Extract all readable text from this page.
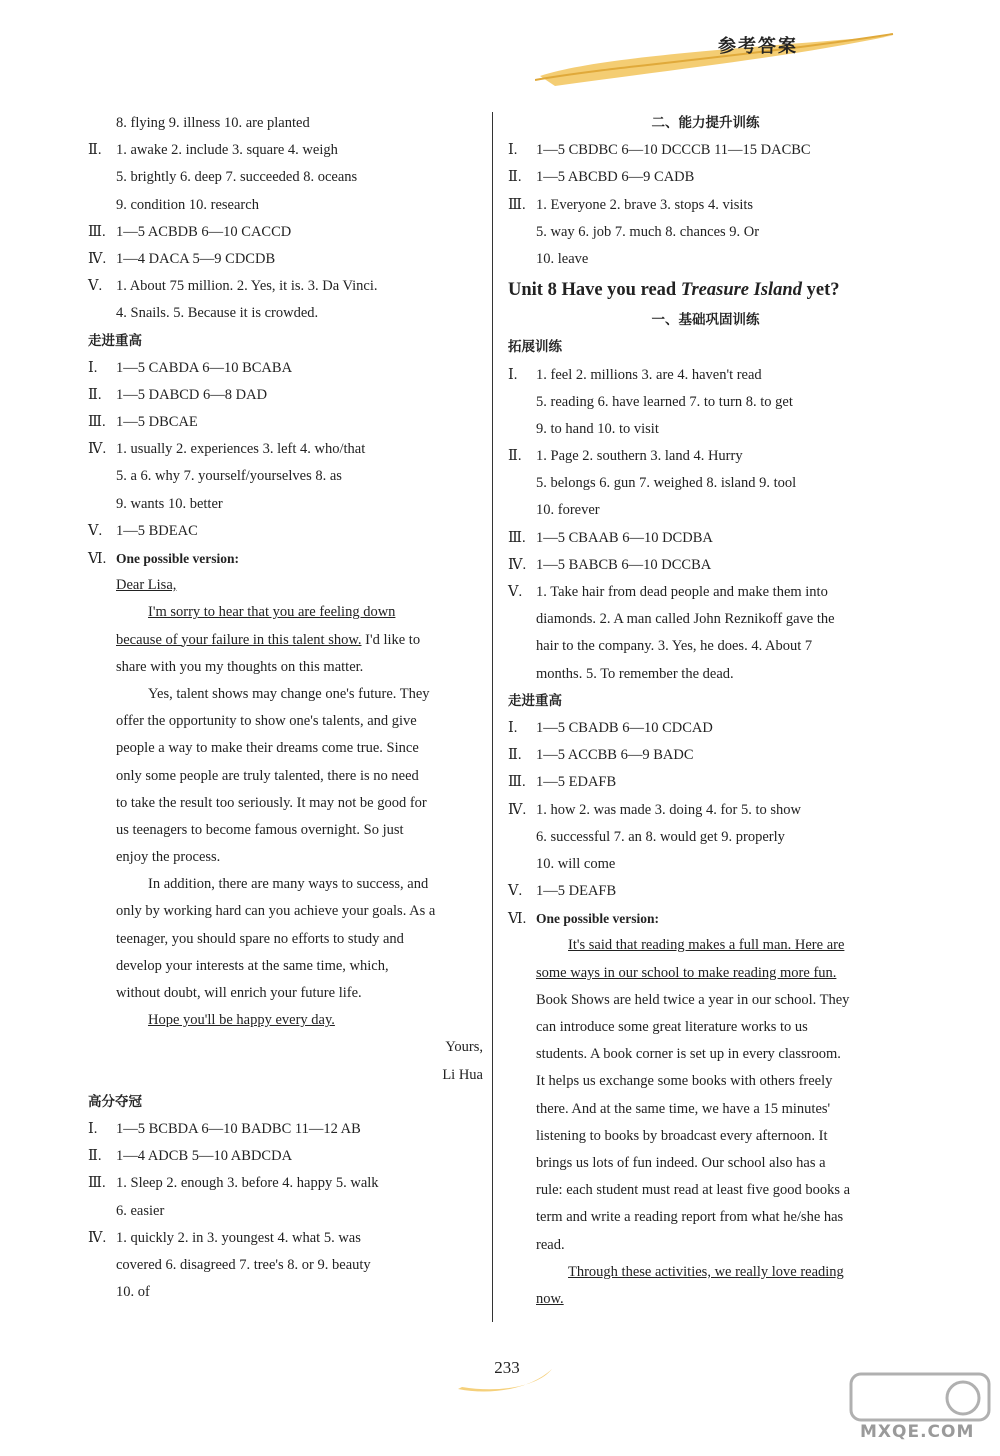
参考答案
8. flying 9. illness 10. are planted
Ⅱ. 1. awake 2. include 3. square 4. weigh
5. brightly 6. deep 7. succeeded 8. oceans
9. condition 10. research
Ⅲ. 1—5 ACBDB 6—10 CACCD
Ⅳ. 1—4 DACA 5—9 CDCDB
Ⅴ. 1. About 75 million. 2. Yes, it is. 3. Da Vinci.
4. Snails. 5. Because it is crowded.
走进重高
Ⅰ. 1—5 CABDA 6—10 BCABA
Ⅱ. 1—5 DABCD 6—8 DAD
Ⅲ. 1—5 DBCAE
Ⅳ. 1. usually 2. experiences 3. left 4. who/that
5. a 6. why 7. yourself/yourselves 8. as
9. wants 10. better
Ⅴ. 1—5 BDEAC
Ⅵ. One possible version:
Dear Lisa,
I'm sorry to hear that you are feeling down
because of your failure in this talent show. I'd like to
share with you my thoughts on this matter.
Yes, talent shows may change one's future. They
offer the opportunity to show one's talents, and give
people a way to make their dreams come true. Since
only some people are truly talented, there is no need
to take the result too seriously. It may not be good for
us teenagers to become famous overnight. So just
enjoy the process.
In addition, there are many ways to success, and
only by working hard can you achieve your goals. As a
teenager, you should spare no efforts to study and
develop your interests at the same time, which,
without doubt, will enrich your future life.
Hope you'll be happy every day.
Yours,
Li Hua
高分夺冠
Ⅰ. 1—5 BCBDA 6—10 BADBC 11—12 AB
Ⅱ. 1—4 ADCB 5—10 ABDCDA
Ⅲ. 1. Sleep 2. enough 3. before 4. happy 5. walk
6. easier
Ⅳ. 1. quickly 2. in 3. youngest 4. what 5. was
covered 6. disagreed 7. tree's 8. or 9. beauty
10. of
二、能力提升训练
Ⅰ. 1—5 CBDBC 6—10 DCCCB 11—15 DACBC
Ⅱ. 1—5 ABCBD 6—9 CADB
Ⅲ. 1. Everyone 2. brave 3. stops 4. visits
5. way 6. job 7. much 8. chances 9. Or
10. leave
Unit 8 Have you read Treasure Island yet?
一、基础巩固训练
拓展训练
Ⅰ. 1. feel 2. millions 3. are 4. haven't read
5. reading 6. have learned 7. to turn 8. to get
9. to hand 10. to visit
Ⅱ. 1. Page 2. southern 3. land 4. Hurry
5. belongs 6. gun 7. weighed 8. island 9. tool
10. forever
Ⅲ. 1—5 CBAAB 6—10 DCDBA
Ⅳ. 1—5 BABCB 6—10 DCCBA
Ⅴ. 1. Take hair from dead people and make them into
diamonds. 2. A man called John Reznikoff gave the
hair to the company. 3. Yes, he does. 4. About 7
months. 5. To remember the dead.
走进重高
Ⅰ. 1—5 CBADB 6—10 CDCAD
Ⅱ. 1—5 ACCBB 6—9 BADC
Ⅲ. 1—5 EDAFB
Ⅳ. 1. how 2. was made 3. doing 4. for 5. to show
6. successful 7. an 8. would get 9. properly
10. will come
Ⅴ. 1—5 DEAFB
Ⅵ. One possible version:
It's said that reading makes a full man. Here are
some ways in our school to make reading more fun.
Book Shows are held twice a year in our school. They
can introduce some great literature works to us
students. A book corner is set up in every classroom.
It helps us exchange some books with others freely
there. And at the same time, we have a 15 minutes'
listening to books by broadcast every afternoon. It
brings us lots of fun indeed. Our school also has a
rule: each student must read at least five good books a
term and write a reading report from what he/she has
read.
Through these activities, we really love reading
now.
233
MXQE.COM
